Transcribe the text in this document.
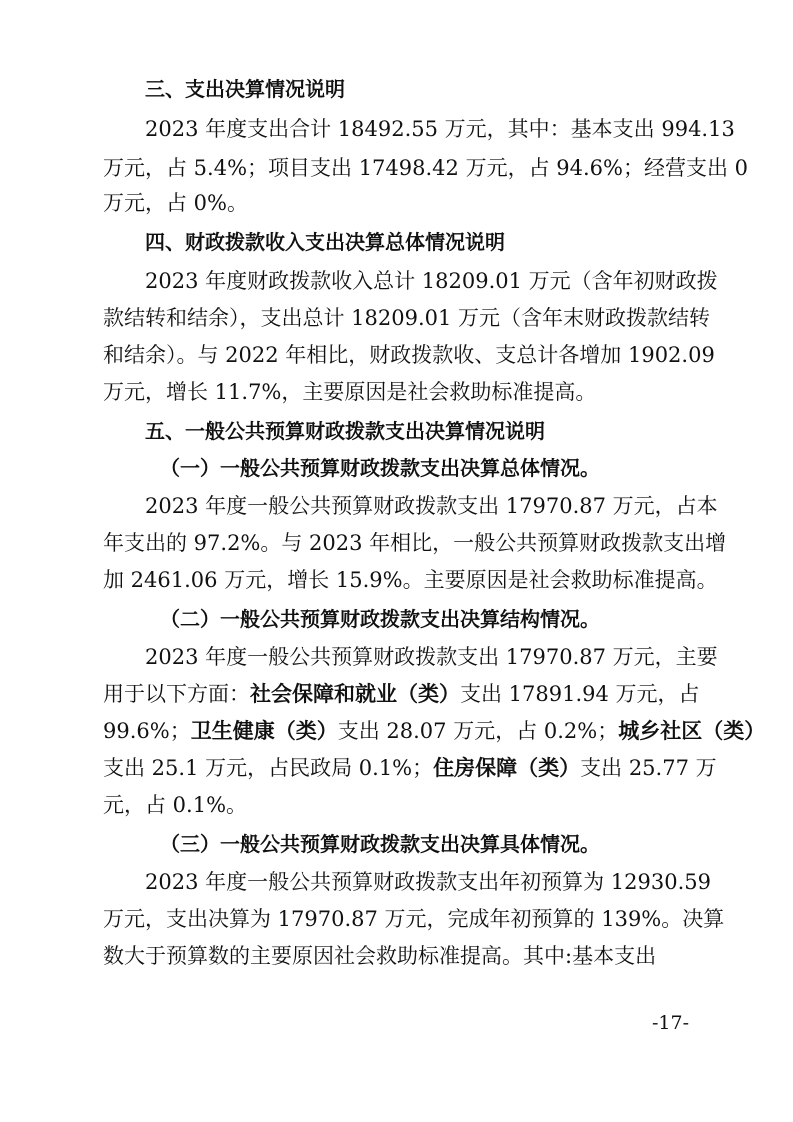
三、支出决算情况说明
2023 年度支出合计 18492.55 万元，其中：基本支出 994.13
万元，占 5.4%；项目支出 17498.42 万元，占 94.6%；经营支出 0
万元，占 0%。
四、财政拨款收入支出决算总体情况说明
2023 年度财政拨款收入总计 18209.01 万元（含年初财政拨
款结转和结余），支出总计 18209.01 万元（含年末财政拨款结转
和结余）。与 2022 年相比，财政拨款收、支总计各增加 1902.09
万元，增长 11.7%，主要原因是社会救助标准提高。
五、一般公共预算财政拨款支出决算情况说明
（一）一般公共预算财政拨款支出决算总体情况。
2023 年度一般公共预算财政拨款支出 17970.87 万元，占本
年支出的 97.2%。与 2023 年相比，一般公共预算财政拨款支出增
加 2461.06 万元，增长 15.9%。主要原因是社会救助标准提高。
（二）一般公共预算财政拨款支出决算结构情况。
2023 年度一般公共预算财政拨款支出 17970.87 万元，主要
用于以下方面：社会保障和就业（类）支出 17891.94 万元，占
99.6%；卫生健康（类）支出 28.07 万元，占 0.2%；城乡社区（类）
支出 25.1 万元，占民政局 0.1%；住房保障（类）支出 25.77 万
元，占 0.1%。
（三）一般公共预算财政拨款支出决算具体情况。
2023 年度一般公共预算财政拨款支出年初预算为 12930.59
万元，支出决算为 17970.87 万元，完成年初预算的 139%。决算
数大于预算数的主要原因社会救助标准提高。其中:基本支出
-17-
